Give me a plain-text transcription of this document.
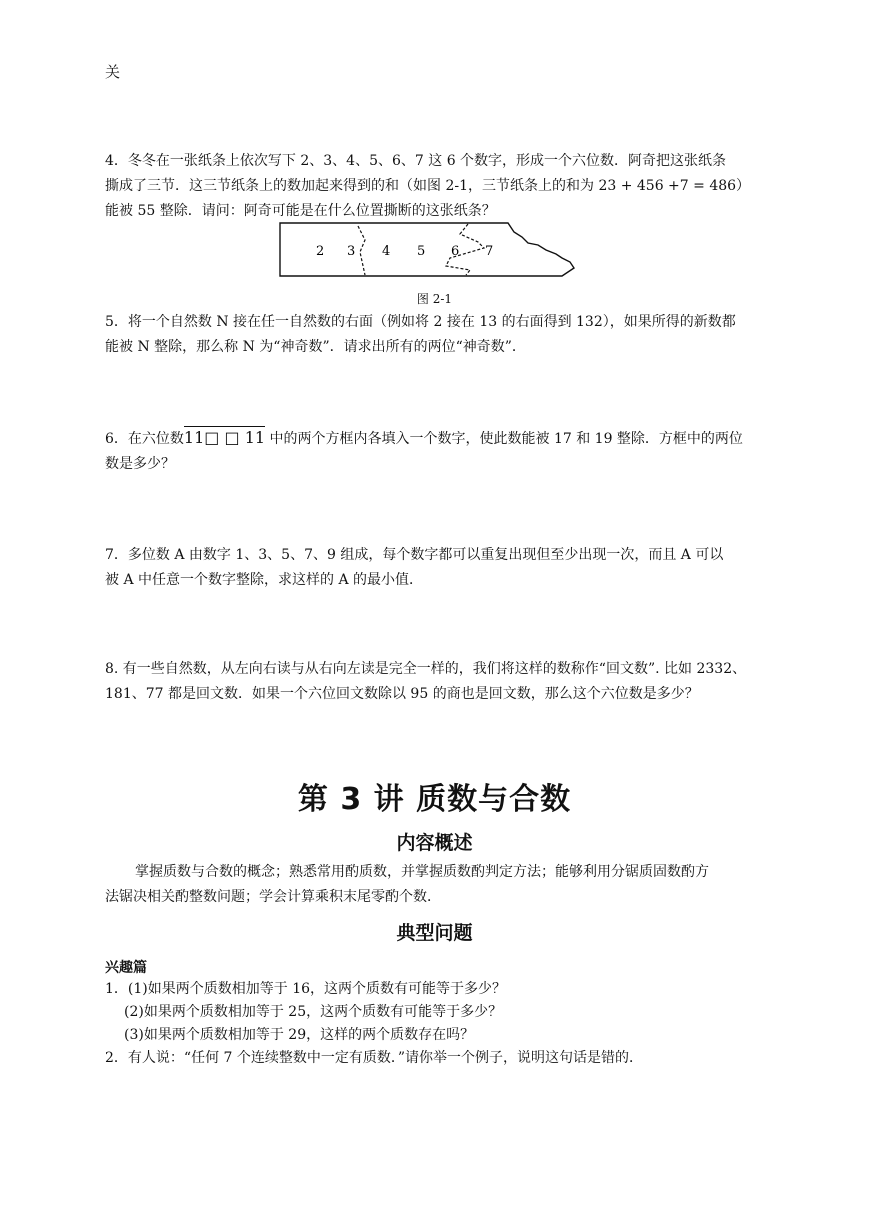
关
4．冬冬在一张纸条上依次写下 2、3、4、5、6、7 这 6 个数字，形成一个六位数．阿奇把这张纸条
撕成了三节．这三节纸条上的数加起来得到的和（如图 2-1，三节纸条上的和为 23 + 456 +7 = 486）
能被 55 整除．请问：阿奇可能是在什么位置撕断的这张纸条？
2 3 4 5 6 7
图 2-1
5．将一个自然数 N 接在任一自然数的右面（例如将 2 接在 13 的右面得到 132），如果所得的新数都
能被 N 整除，那么称 N 为“神奇数”．请求出所有的两位“神奇数”．
6．在六位数11□ □ 11 中的两个方框内各填入一个数字，使此数能被 17 和 19 整除．方框中的两位
数是多少？
7．多位数 A 由数字 1、3、5、7、9 组成，每个数字都可以重复出现但至少出现一次，而且 A 可以
被 A 中任意一个数字整除，求这样的 A 的最小值．
8. 有一些自然数，从左向右读与从右向左读是完全一样的，我们将这样的数称作“回文数”. 比如 2332、
181、77 都是回文数．如果一个六位回文数除以 95 的商也是回文数，那么这个六位数是多少？
第 3 讲 质数与合数
内容概述
掌握质数与合数的概念；熟悉常用酌质数，并掌握质数酌判定方法；能够利用分锯质固数酌方
法锯决相关酌整数问题；学会计算乘积末尾零酌个数．
典型问题
兴趣篇
1．(1)如果两个质数相加等于 16，这两个质数有可能等于多少？
(2)如果两个质数相加等于 25，这两个质数有可能等于多少？
(3)如果两个质数相加等于 29，这样的两个质数存在吗？
2．有人说：“任何 7 个连续整数中一定有质数．”请你举一个例子，说明这句话是错的．
